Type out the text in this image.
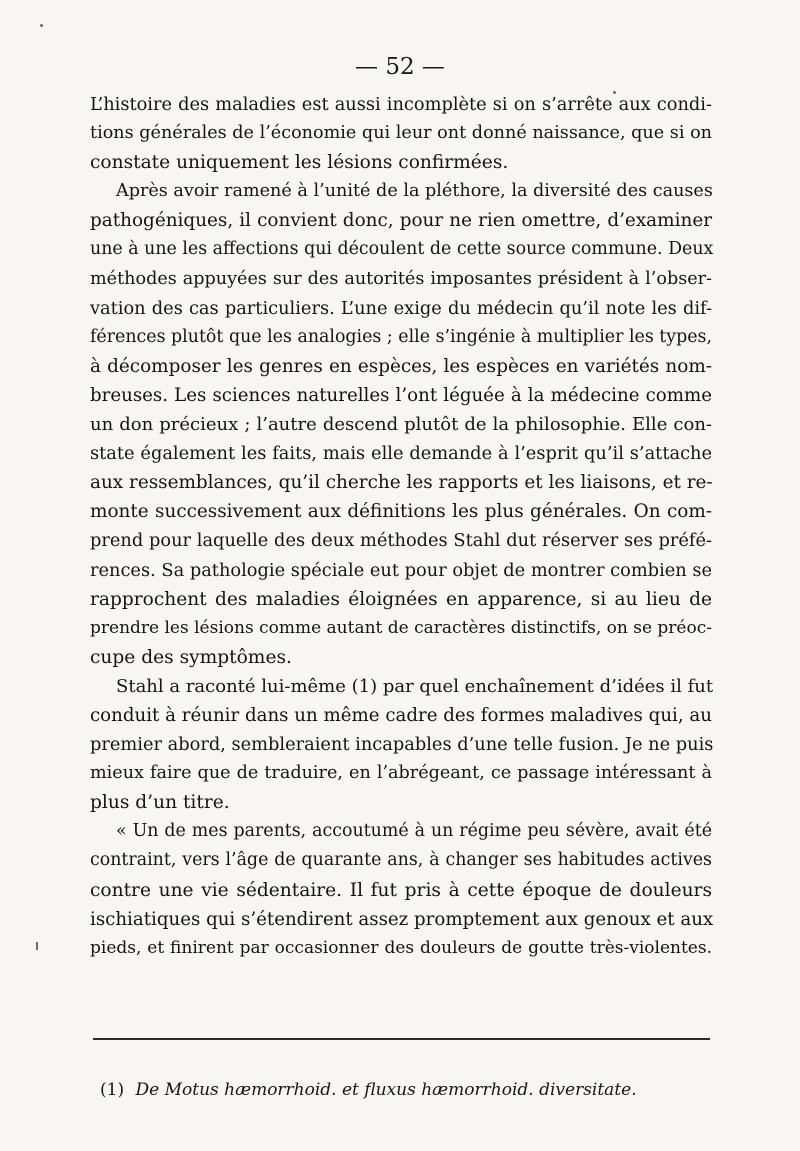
— 52 —
L’histoire des maladies est aussi incomplète si on s’arrête aux condi-
tions générales de l’économie qui leur ont donné naissance, que si on
constate uniquement les lésions confirmées.
Après avoir ramené à l’unité de la pléthore, la diversité des causes
pathogéniques, il convient donc, pour ne rien omettre, d’examiner
une à une les affections qui découlent de cette source commune. Deux
méthodes appuyées sur des autorités imposantes président à l’obser-
vation des cas particuliers. L’une exige du médecin qu’il note les dif-
férences plutôt que les analogies ; elle s’ingénie à multiplier les types,
à décomposer les genres en espèces, les espèces en variétés nom-
breuses. Les sciences naturelles l’ont léguée à la médecine comme
un don précieux ; l’autre descend plutôt de la philosophie. Elle con-
state également les faits, mais elle demande à l’esprit qu’il s’attache
aux ressemblances, qu’il cherche les rapports et les liaisons, et re-
monte successivement aux définitions les plus générales. On com-
prend pour laquelle des deux méthodes Stahl dut réserver ses préfé-
rences. Sa pathologie spéciale eut pour objet de montrer combien se
rapprochent des maladies éloignées en apparence, si au lieu de
prendre les lésions comme autant de caractères distinctifs, on se préoc-
cupe des symptômes.
Stahl a raconté lui-même (1) par quel enchaînement d’idées il fut
conduit à réunir dans un même cadre des formes maladives qui, au
premier abord, sembleraient incapables d’une telle fusion. Je ne puis
mieux faire que de traduire, en l’abrégeant, ce passage intéressant à
plus d’un titre.
« Un de mes parents, accoutumé à un régime peu sévère, avait été
contraint, vers l’âge de quarante ans, à changer ses habitudes actives
contre une vie sédentaire. Il fut pris à cette époque de douleurs
ischiatiques qui s’étendirent assez promptement aux genoux et aux
pieds, et finirent par occasionner des douleurs de goutte très-violentes.
(1) De Motus hæmorrhoid. et fluxus hæmorrhoid. diversitate.
